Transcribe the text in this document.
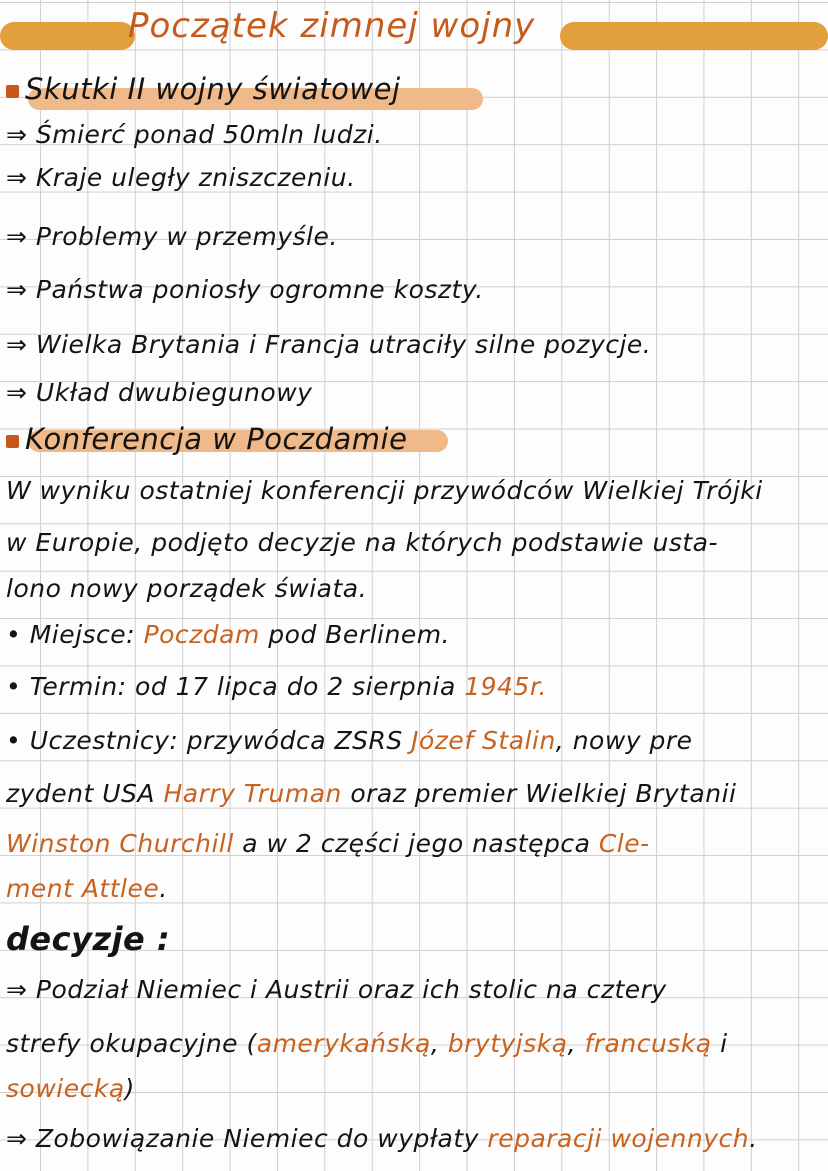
Początek zimnej wojny
Skutki II wojny światowej
⇒ Śmierć ponad 50mln ludzi.
⇒ Kraje uległy zniszczeniu.
⇒ Problemy w przemyśle.
⇒ Państwa poniosły ogromne koszty.
⇒ Wielka Brytania i Francja utraciły silne pozycje.
⇒ Układ dwubiegunowy
Konferencja w Poczdamie
W wyniku ostatniej konferencji przywódców Wielkiej Trójki
w Europie, podjęto decyzje na których podstawie usta-
lono nowy porządek świata.
• Miejsce: Poczdam pod Berlinem.
• Termin: od 17 lipca do 2 sierpnia 1945r.
• Uczestnicy: przywódca ZSRS Józef Stalin, nowy pre
zydent USA Harry Truman oraz premier Wielkiej Brytanii
Winston Churchill a w 2 części jego następca Cle-
ment Attlee.
decyzje :
⇒ Podział Niemiec i Austrii oraz ich stolic na cztery
strefy okupacyjne (amerykańską, brytyjską, francuską i
sowiecką)
⇒ Zobowiązanie Niemiec do wypłaty reparacji wojennych.
